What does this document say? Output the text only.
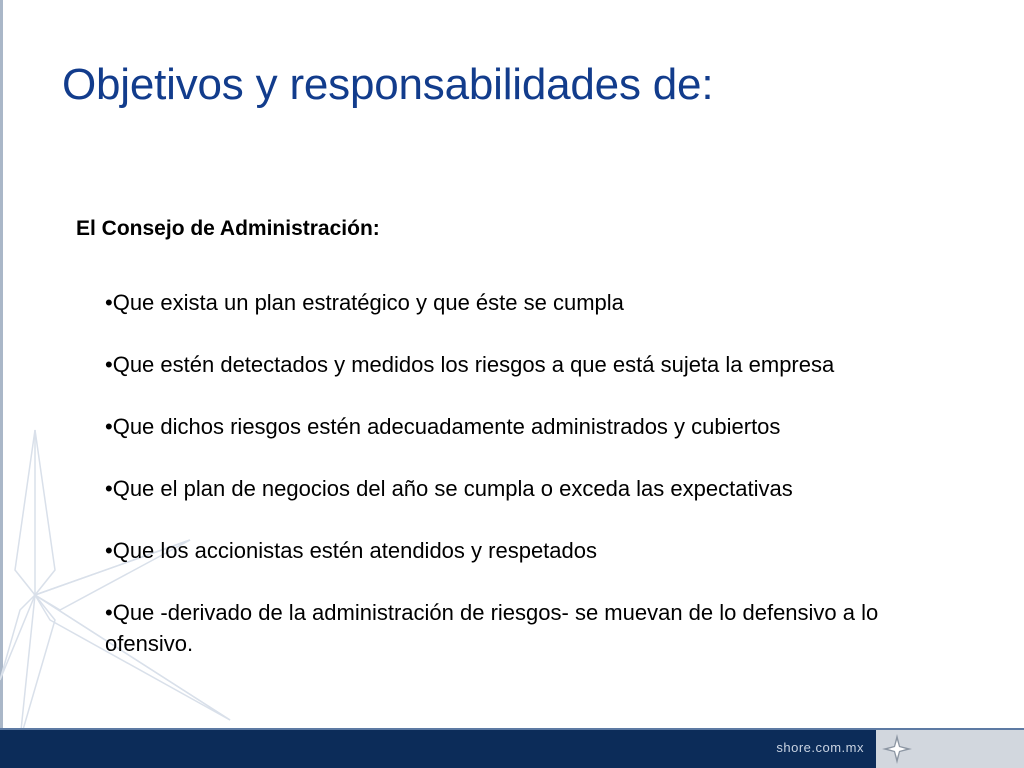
Objetivos y responsabilidades de:
El Consejo de Administración:
•Que exista un plan estratégico y que éste se cumpla
•Que estén detectados y medidos los riesgos a que está sujeta la empresa
•Que dichos riesgos estén adecuadamente administrados y cubiertos
•Que el plan de negocios del año se cumpla o exceda las expectativas
•Que los accionistas estén atendidos y respetados
•Que -derivado de la administración de riesgos- se muevan de lo defensivo a lo ofensivo.
shore.com.mx
